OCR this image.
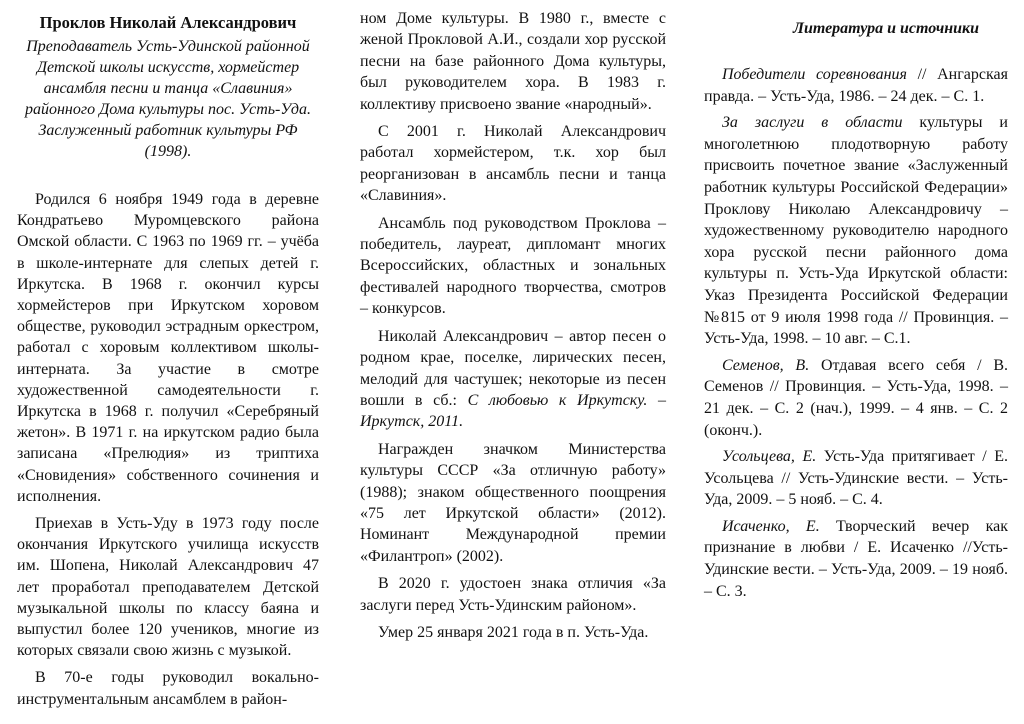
Проклов Николай Александрович
Преподаватель Усть-Удинской районной Детской школы искусств, хормейстер ансамбля песни и танца «Славиния» районного Дома культуры пос. Усть-Уда. Заслуженный работник культуры РФ (1998).

Родился 6 ноября 1949 года в деревне Кондратьево Муромцевского района Омской области. С 1963 по 1969 гг. – учёба в школе-интернате для слепых детей г. Иркутска. В 1968 г. окончил курсы хормейстеров при Иркутском хоровом обществе, руководил эстрадным оркестром, работал с хоровым коллективом школы-интерната. За участие в смотре художественной самодеятельности г. Иркутска в 1968 г. получил «Серебряный жетон». В 1971 г. на иркутском радио была записана «Прелюдия» из триптиха «Сновидения» собственного сочинения и исполнения.

Приехав в Усть-Уду в 1973 году после окончания Иркутского училища искусств им. Шопена, Николай Александрович 47 лет проработал преподавателем Детской музыкальной школы по классу баяна и выпустил более 120 учеников, многие из которых связали свою жизнь с музыкой.

В 70-е годы руководил вокально-инструментальным ансамблем в район-

ном Доме культуры. В 1980 г., вместе с женой Прокловой А.И., создали хор русской песни на базе районного Дома культуры, был руководителем хора. В 1983 г. коллективу присвоено звание «народный».

С 2001 г. Николай Александрович работал хормейстером, т.к. хор был реорганизован в ансамбль песни и танца «Славиния».

Ансамбль под руководством Проклова – победитель, лауреат, дипломант многих Всероссийских, областных и зональных фестивалей народного творчества, смотров – конкурсов.

Николай Александрович – автор песен о родном крае, поселке, лирических песен, мелодий для частушек; некоторые из песен вошли в сб.: С любовью к Иркутску. – Иркутск, 2011.

Награжден значком Министерства культуры СССР «За отличную работу» (1988); знаком общественного поощрения «75 лет Иркутской области» (2012). Номинант Международной премии «Филантроп» (2002).

В 2020 г. удостоен знака отличия «За заслуги перед Усть-Удинским районом».

Умер 25 января 2021 года в п. Усть-Уда.

Литература и источники

Победители соревнования // Ангарская правда. – Усть-Уда, 1986. – 24 дек. – С. 1.

За заслуги в области культуры и многолетнюю плодотворную работу присвоить почетное звание «Заслуженный работник культуры Российской Федерации» Проклову Николаю Александровичу – художественному руководителю народного хора русской песни районного дома культуры п. Усть-Уда Иркутской области: Указ Президента Российской Федерации №815 от 9 июля 1998 года // Провинция. – Усть-Уда, 1998. – 10 авг. – С.1.

Семенов, В. Отдавая всего себя / В. Семенов // Провинция. – Усть-Уда, 1998. – 21 дек. – С. 2 (нач.), 1999. – 4 янв. – С. 2 (оконч.).

Усольцева, Е. Усть-Уда притягивает / Е. Усольцева // Усть-Удинские вести. – Усть-Уда, 2009. – 5 нояб. – С. 4.

Исаченко, Е. Творческий вечер как признание в любви / Е. Исаченко //Усть-Удинские вести. – Усть-Уда, 2009. – 19 нояб. – С. 3.
